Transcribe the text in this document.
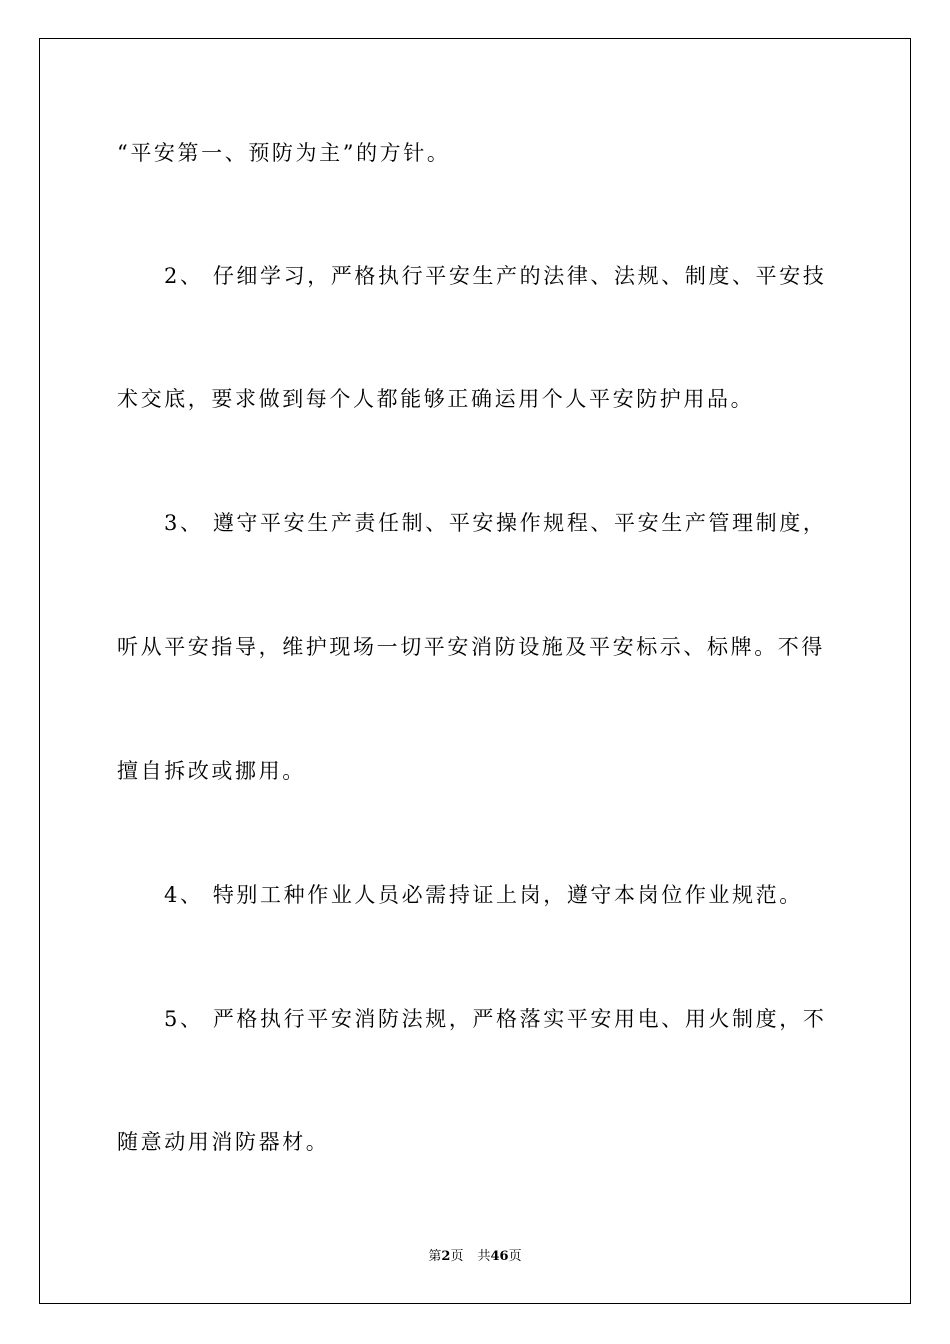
“平安第一、预防为主”的方针。
2、 仔细学习，严格执行平安生产的法律、法规、制度、平安技
术交底，要求做到每个人都能够正确运用个人平安防护用品。
3、 遵守平安生产责任制、平安操作规程、平安生产管理制度，
听从平安指导，维护现场一切平安消防设施及平安标示、标牌。不得
擅自拆改或挪用。
4、 特别工种作业人员必需持证上岗，遵守本岗位作业规范。
5、 严格执行平安消防法规，严格落实平安用电、用火制度，不
随意动用消防器材。
第2页 共46页
